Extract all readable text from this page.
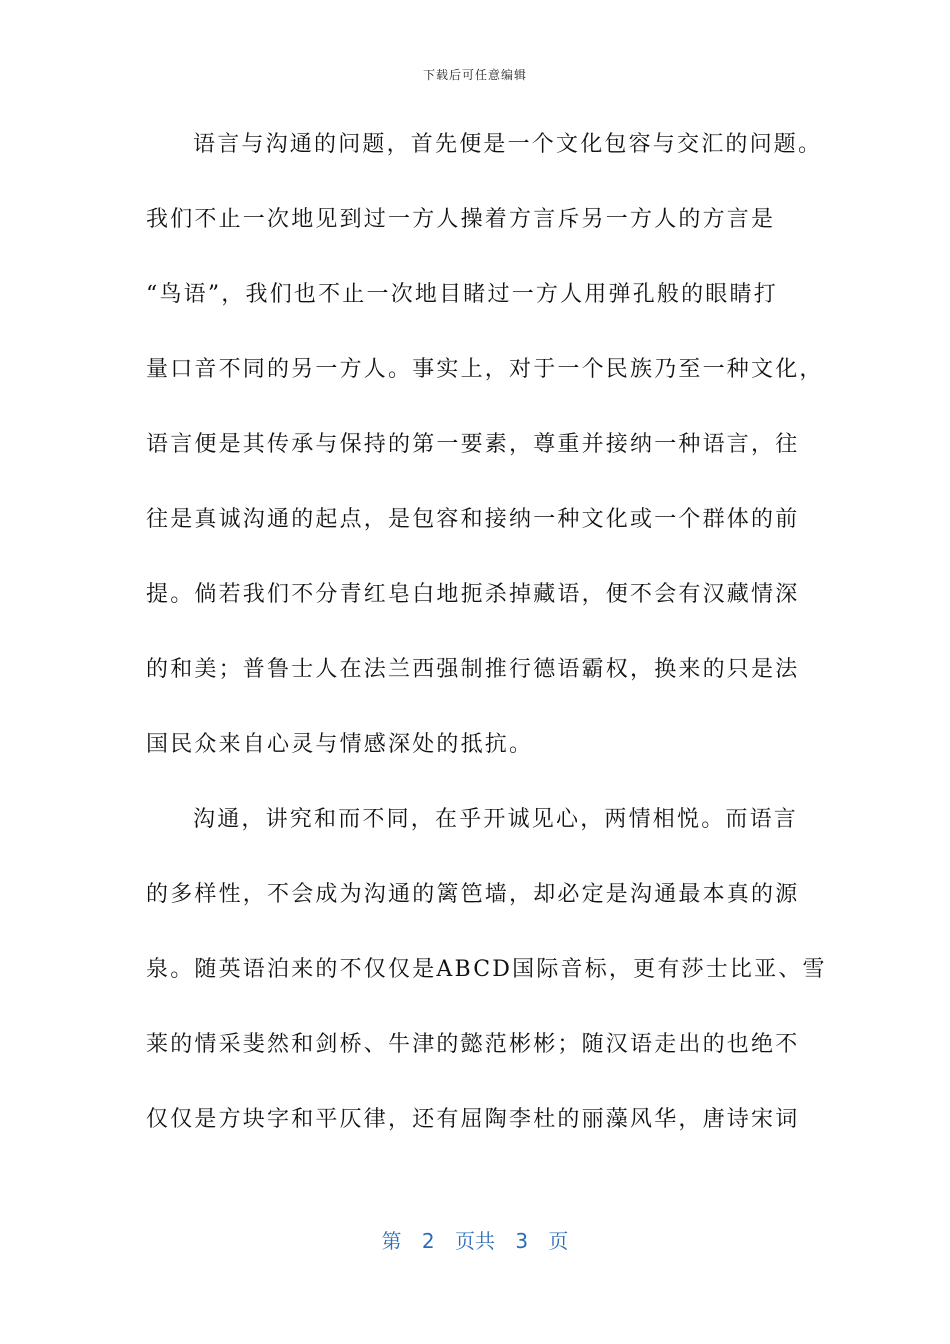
下载后可任意编辑
语言与沟通的问题，首先便是一个文化包容与交汇的问题。
我们不止一次地见到过一方人操着方言斥另一方人的方言是
“鸟语”，我们也不止一次地目睹过一方人用弹孔般的眼睛打
量口音不同的另一方人。事实上，对于一个民族乃至一种文化，
语言便是其传承与保持的第一要素，尊重并接纳一种语言，往
往是真诚沟通的起点，是包容和接纳一种文化或一个群体的前
提。倘若我们不分青红皂白地扼杀掉藏语，便不会有汉藏情深
的和美；普鲁士人在法兰西强制推行德语霸权，换来的只是法
国民众来自心灵与情感深处的抵抗。
沟通，讲究和而不同，在乎开诚见心，两情相悦。而语言
的多样性，不会成为沟通的篱笆墙，却必定是沟通最本真的源
泉。随英语泊来的不仅仅是ABCD国际音标，更有莎士比亚、雪
莱的情采斐然和剑桥、牛津的懿范彬彬；随汉语走出的也绝不
仅仅是方块字和平仄律，还有屈陶李杜的丽藻风华，唐诗宋词
第 2 页共 3 页
